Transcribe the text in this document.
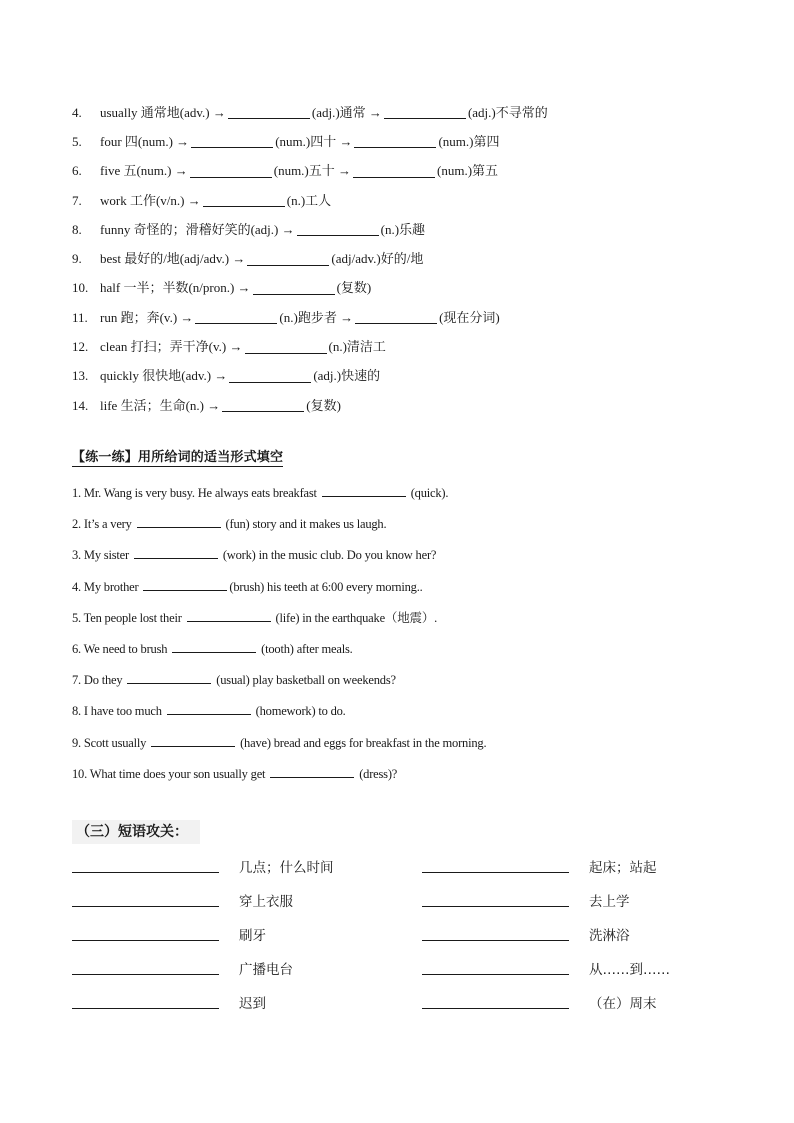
4.	usually 通常地(adv.) →	(adj.)通常 →	(adj.)不寻常的
5.	four 四(num.) →	(num.)四十 →	(num.)第四
6.	five 五(num.) →	(num.)五十 →	(num.)第五
7.	work 工作(v/n.) →	(n.)工人
8.	funny 奇怪的；滑稽好笑的(adj.) →	(n.)乐趣
9.	best 最好的/地(adj/adv.) →	(adj/adv.)好的/地
10. half 一半；半数(n/pron.) →	(复数)
11. run 跑；奔(v.) →	(n.)跑步者 →	(现在分词)
12. clean 打扫；弄干净(v.) →	(n.)清洁工
13. quickly 很快地(adv.) →	(adj.)快速的
14. life 生活；生命(n.) →	(复数)
【练一练】用所给词的适当形式填空
1. Mr. Wang is very busy. He always eats breakfast	(quick).
2. It’s a very	(fun) story and it makes us laugh.
3. My sister	(work) in the music club. Do you know her?
4. My brother	(brush) his teeth at 6:00 every morning..
5. Ten people lost their	(life) in the earthquake（地震）.
6. We need to brush	(tooth) after meals.
7. Do they	(usual) play basketball on weekends?
8. I have too much	(homework) to do.
9. Scott usually	(have) bread and eggs for breakfast in the morning.
10. What time does your son usually get	(dress)?
（三）短语攻关：
几点；什么时间	起床；站起
穿上衣服	去上学
刷牙	洗淋浴
广播电台	从……到……
迟到	（在）周末
